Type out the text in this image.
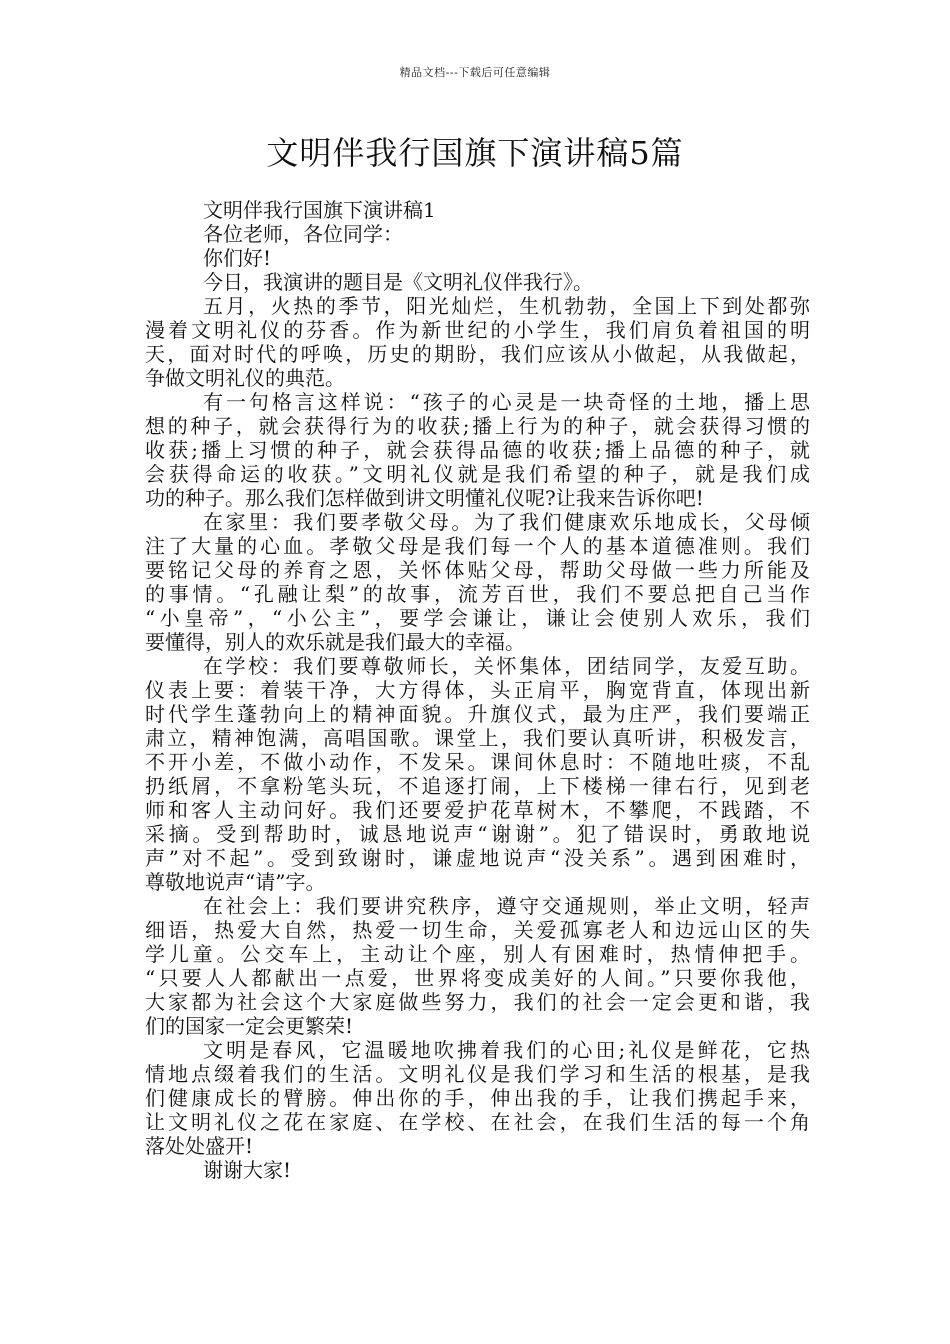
精品文档---下载后可任意编辑
文明伴我行国旗下演讲稿5篇
文明伴我行国旗下演讲稿1
各位老师，各位同学：
你们好!
今日，我演讲的题目是《文明礼仪伴我行》。
五月，火热的季节，阳光灿烂，生机勃勃，全国上下到处都弥
漫着文明礼仪的芬香。作为新世纪的小学生，我们肩负着祖国的明
天，面对时代的呼唤，历史的期盼，我们应该从小做起，从我做起，
争做文明礼仪的典范。
有一句格言这样说：“孩子的心灵是一块奇怪的土地，播上思
想的种子，就会获得行为的收获;播上行为的种子，就会获得习惯的
收获;播上习惯的种子，就会获得品德的收获;播上品德的种子，就
会获得命运的收获。”文明礼仪就是我们希望的种子，就是我们成
功的种子。那么我们怎样做到讲文明懂礼仪呢?让我来告诉你吧!
在家里：我们要孝敬父母。为了我们健康欢乐地成长，父母倾
注了大量的心血。孝敬父母是我们每一个人的基本道德准则。我们
要铭记父母的养育之恩，关怀体贴父母，帮助父母做一些力所能及
的事情。“孔融让梨”的故事，流芳百世，我们不要总把自己当作
“小皇帝”，“小公主”，要学会谦让，谦让会使别人欢乐，我们
要懂得，别人的欢乐就是我们最大的幸福。
在学校：我们要尊敬师长，关怀集体，团结同学，友爱互助。
仪表上要：着装干净，大方得体，头正肩平，胸宽背直，体现出新
时代学生蓬勃向上的精神面貌。升旗仪式，最为庄严，我们要端正
肃立，精神饱满，高唱国歌。课堂上，我们要认真听讲，积极发言，
不开小差，不做小动作，不发呆。课间休息时：不随地吐痰，不乱
扔纸屑，不拿粉笔头玩，不追逐打闹，上下楼梯一律右行，见到老
师和客人主动问好。我们还要爱护花草树木，不攀爬，不践踏，不
采摘。受到帮助时，诚恳地说声“谢谢”。犯了错误时，勇敢地说
声”对不起”。受到致谢时，谦虚地说声“没关系”。遇到困难时，
尊敬地说声“请”字。
在社会上：我们要讲究秩序，遵守交通规则，举止文明，轻声
细语，热爱大自然，热爱一切生命，关爱孤寡老人和边远山区的失
学儿童。公交车上，主动让个座，别人有困难时，热情伸把手。
“只要人人都献出一点爱，世界将变成美好的人间。”只要你我他，
大家都为社会这个大家庭做些努力，我们的社会一定会更和谐，我
们的国家一定会更繁荣!
文明是春风，它温暖地吹拂着我们的心田;礼仪是鲜花，它热
情地点缀着我们的生活。文明礼仪是我们学习和生活的根基，是我
们健康成长的臂膀。伸出你的手，伸出我的手，让我们携起手来，
让文明礼仪之花在家庭、在学校、在社会，在我们生活的每一个角
落处处盛开!
谢谢大家!
